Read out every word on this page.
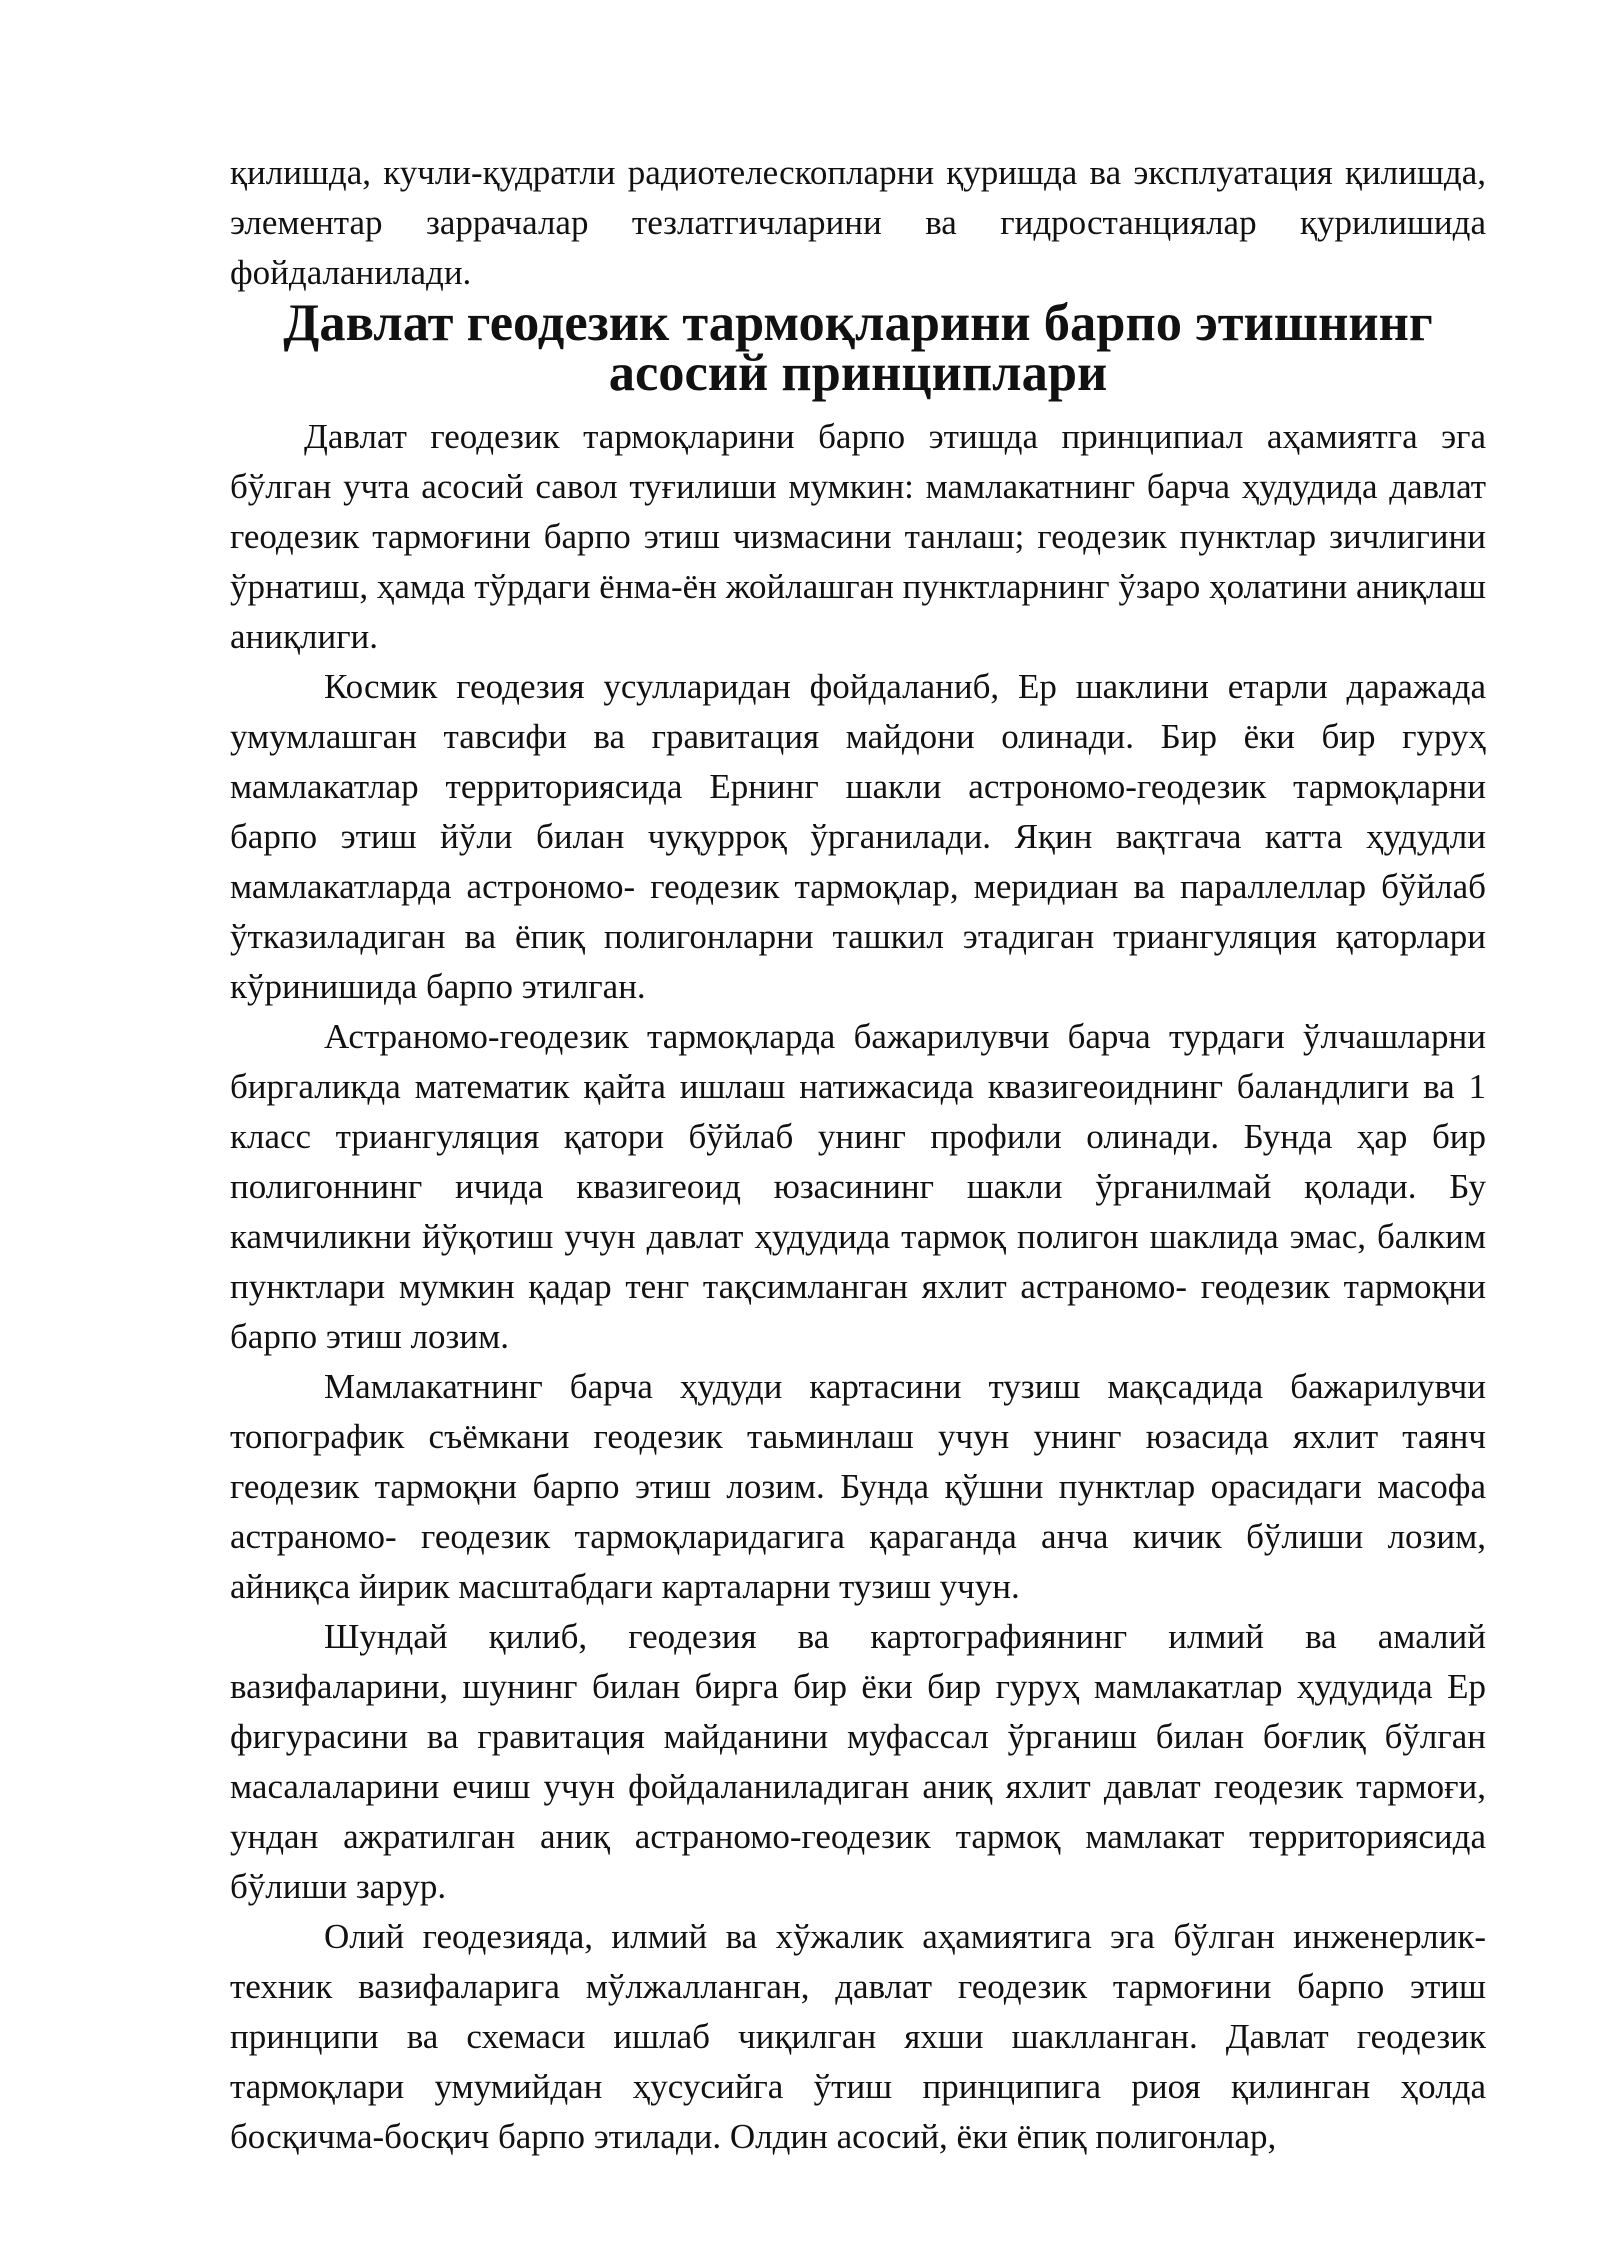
қилишда, кучли-қудратли радиотелескопларни қуришда ва эксплуатация қилишда, элементар заррачалар тезлатгичларини ва гидростанциялар қурилишида фойдаланилади.

Давлат геодезик тармоқларини барпо этишнинг асосий принциплари

Давлат геодезик тармоқларини барпо этишда принципиал аҳамиятга эга бўлган учта асосий савол туғилиши мумкин: мамлакатнинг барча ҳудудида давлат геодезик тармоғини барпо этиш чизмасини танлаш; геодезик пунктлар зичлигини ўрнатиш, ҳамда тўрдаги ёнма-ён жойлашган пунктларнинг ўзаро ҳолатини аниқлаш аниқлиги.

Космик геодезия усулларидан фойдаланиб, Ер шаклини етарли даражада умумлашган тавсифи ва гравитация майдони олинади. Бир ёки бир гуруҳ мамлакатлар территориясида Ернинг шакли астрономо-геодезик тармоқларни барпо этиш йўли билан чуқурроқ ўрганилади. Яқин вақтгача катта ҳудудли мамлакатларда астрономо- геодезик тармоқлар, меридиан ва параллеллар бўйлаб ўтказиладиган ва ёпиқ полигонларни ташкил этадиган триангуляция қаторлари кўринишида барпо этилган.

Астраномо-геодезик тармоқларда бажарилувчи барча турдаги ўлчашларни биргаликда математик қайта ишлаш натижасида квазигеоиднинг баландлиги ва 1 класс триангуляция қатори бўйлаб унинг профили олинади. Бунда ҳар бир полигоннинг ичида квазигеоид юзасининг шакли ўрганилмай қолади. Бу камчиликни йўқотиш учун давлат ҳудудида тармоқ полигон шаклида эмас, балким пунктлари мумкин қадар тенг тақсимланган яхлит астраномо- геодезик тармоқни барпо этиш лозим.

Мамлакатнинг барча ҳудуди картасини тузиш мақсадида бажарилувчи топографик съёмкани геодезик таьминлаш учун унинг юзасида яхлит таянч геодезик тармоқни барпо этиш лозим. Бунда қўшни пунктлар орасидаги масофа астраномо- геодезик тармоқларидагига қараганда анча кичик бўлиши лозим, айниқса йирик масштабдаги карталарни тузиш учун.

Шундай қилиб, геодезия ва картографиянинг илмий ва амалий вазифаларини, шунинг билан бирга бир ёки бир гуруҳ мамлакатлар ҳудудида Ер фигурасини ва гравитация майданини муфассал ўрганиш билан боғлиқ бўлган масалаларини ечиш учун фойдаланиладиган аниқ яхлит давлат геодезик тармоғи, ундан ажратилган аниқ астраномо-геодезик тармоқ мамлакат территориясида бўлиши зарур.

Олий геодезияда, илмий ва хўжалик аҳамиятига эга бўлган инженерлик-техник вазифаларига мўлжалланган, давлат геодезик тармоғини барпо этиш принципи ва схемаси ишлаб чиқилган яхши шаклланган. Давлат геодезик тармоқлари умумийдан ҳусусийга ўтиш принципига риоя қилинган ҳолда босқичма-босқич барпо этилади. Олдин асосий, ёки ёпиқ полигонлар,
